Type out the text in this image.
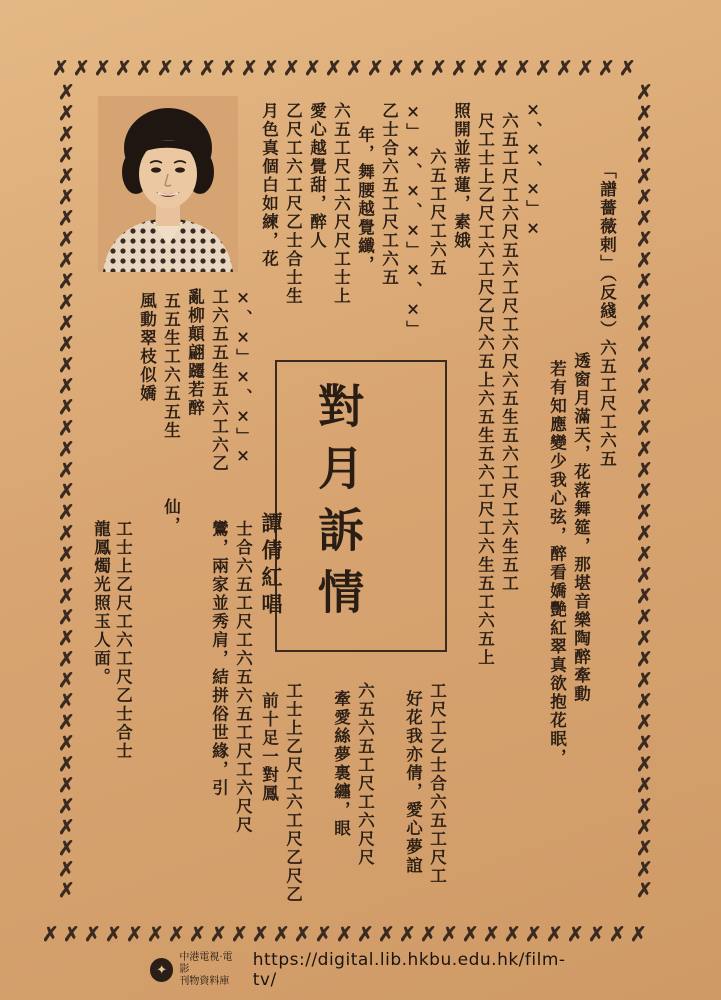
✗ ✗ ✗ ✗ ✗ ✗ ✗ ✗ ✗ ✗ ✗ ✗ ✗ ✗ ✗ ✗ ✗ ✗ ✗ ✗ ✗ ✗ ✗ ✗ ✗ ✗ ✗ ✗
✗ ✗ ✗ ✗ ✗ ✗ ✗ ✗ ✗ ✗ ✗ ✗ ✗ ✗ ✗ ✗ ✗ ✗ ✗ ✗ ✗ ✗ ✗ ✗ ✗ ✗ ✗ ✗ ✗
✗
✗
✗
✗
✗
✗
✗
✗
✗
✗
✗
✗
✗
✗
✗
✗
✗
✗
✗
✗
✗
✗
✗
✗
✗
✗
✗
✗
✗
✗
✗
✗
✗
✗
✗
✗
✗
✗
✗
✗
✗
✗
✗
✗
✗
✗
✗
✗
✗
✗
✗
✗
✗
✗
✗
✗
✗
✗
✗
✗
✗
✗
✗
✗
✗
✗
✗
✗
✗
✗
✗
✗
✗
✗
✗
✗
✗
✗
對月訴情
譚倩紅唱
「譜薔薇剌」（反綫）六五工尺工六五
透窗月滿天，花落舞筵，那堪音樂陶醉牽動
若有知應變少我心弦，醉看嬌艷紅翠真欲抱花眠，
×、×、×」×
六五工尺工六尺五六工尺工六尺六五生五六工尺工六生五工
尺工士上乙尺工六工尺乙尺六五上六五生五六工尺工六生五工六五上
照開並蒂蓮，素娥
六五工尺工六五
×」×、×、×」×、×」
乙士合六五工尺工六五
年，舞腰越覺纖，
六五工尺工六尺尺工士上
愛心越覺甜，醉人
乙尺工六工尺乙士合士生
月色真個白如練，花
×、×」×、×」×
工六五五生五六工六乙
亂柳顛翩躚若醉
五五生工六五五生
風動翠枝似嬌
工士上乙尺工六工尺乙士合士
龍鳳燭光照玉人面。
仙，
士合六五工尺工六五六五工尺工六尺尺
鸞，兩家並秀肩，結拼俗世緣，引	工士上乙尺工六工尺乙尺乙
前十足一對鳳	六五六五工尺工六尺尺
牽愛絲夢裏纏，眼	工尺工乙士合六五工尺工
好花我亦倩，愛心夢誼
✦
中港電視·電影
刊物資料庫
https://digital.lib.hkbu.edu.hk/film-tv/
